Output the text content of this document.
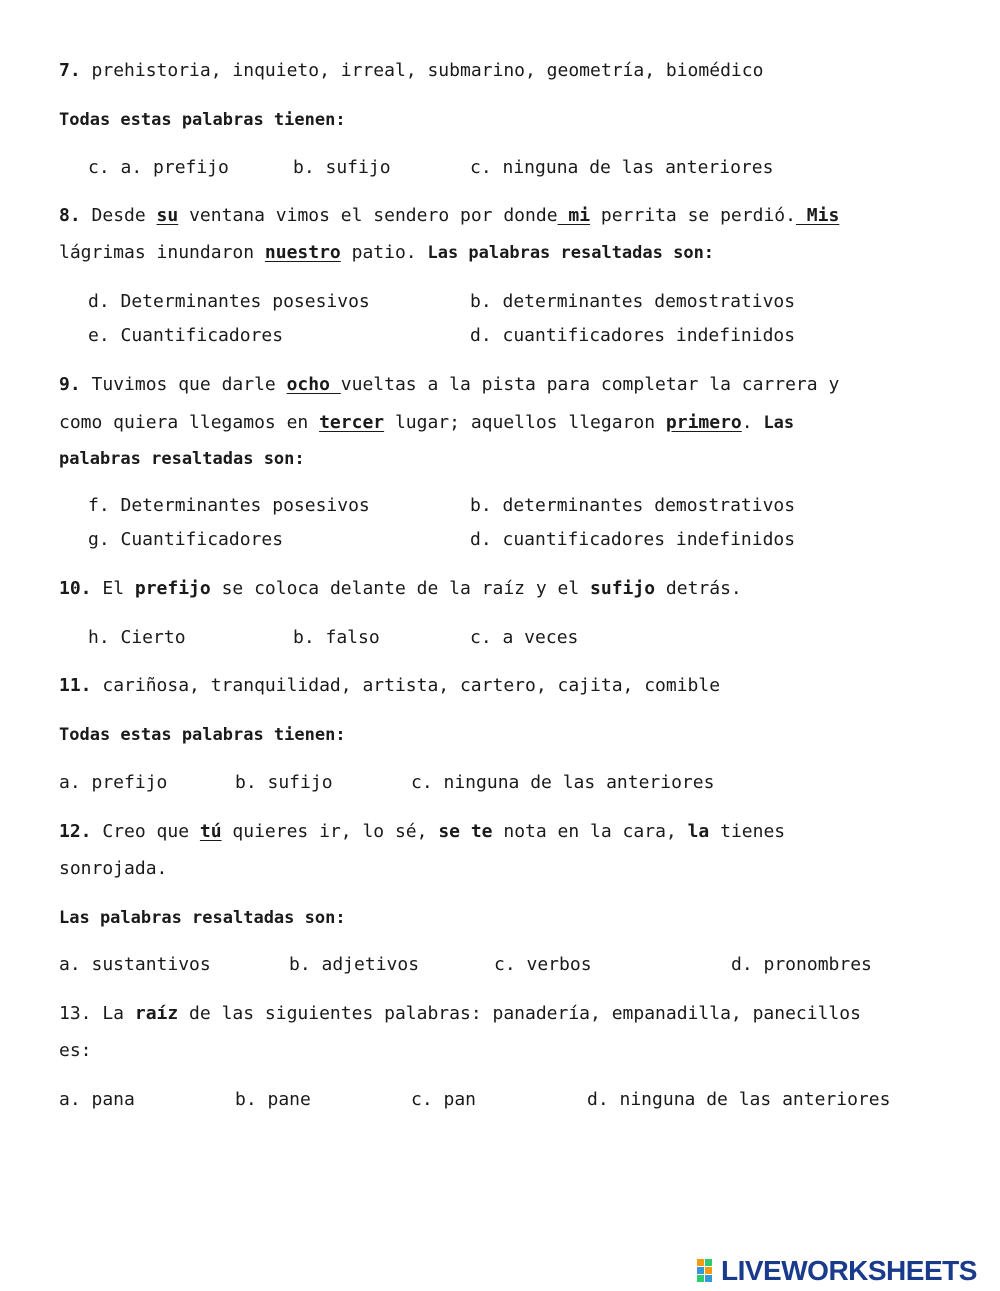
7. prehistoria, inquieto, irreal, submarino, geometría, biomédico
Todas estas palabras tienen:
c. a. prefijo	b. sufijo	c. ninguna de las anteriores
8. Desde su ventana vimos el sendero por donde mi perrita se perdió. Mis
lágrimas inundaron nuestro patio. Las palabras resaltadas son:
d. Determinantes posesivos	b. determinantes demostrativos
e. Cuantificadores	d. cuantificadores indefinidos
9. Tuvimos que darle ocho vueltas a la pista para completar la carrera y
como quiera llegamos en tercer lugar; aquellos llegaron primero. Las
palabras resaltadas son:
f. Determinantes posesivos	b. determinantes demostrativos
g. Cuantificadores	d. cuantificadores indefinidos
10. El prefijo se coloca delante de la raíz y el sufijo detrás.
h. Cierto	b. falso	c. a veces
11. cariñosa, tranquilidad, artista, cartero, cajita, comible
Todas estas palabras tienen:
a. prefijo	b. sufijo	c. ninguna de las anteriores
12. Creo que tú quieres ir, lo sé, se te nota en la cara, la tienes
sonrojada.
Las palabras resaltadas son:
a. sustantivos	b. adjetivos	c. verbos	d. pronombres
13. La raíz de las siguientes palabras: panadería, empanadilla, panecillos
es:
a. pana	b. pane	c. pan	d. ninguna de las anteriores
LIVEWORKSHEETS
